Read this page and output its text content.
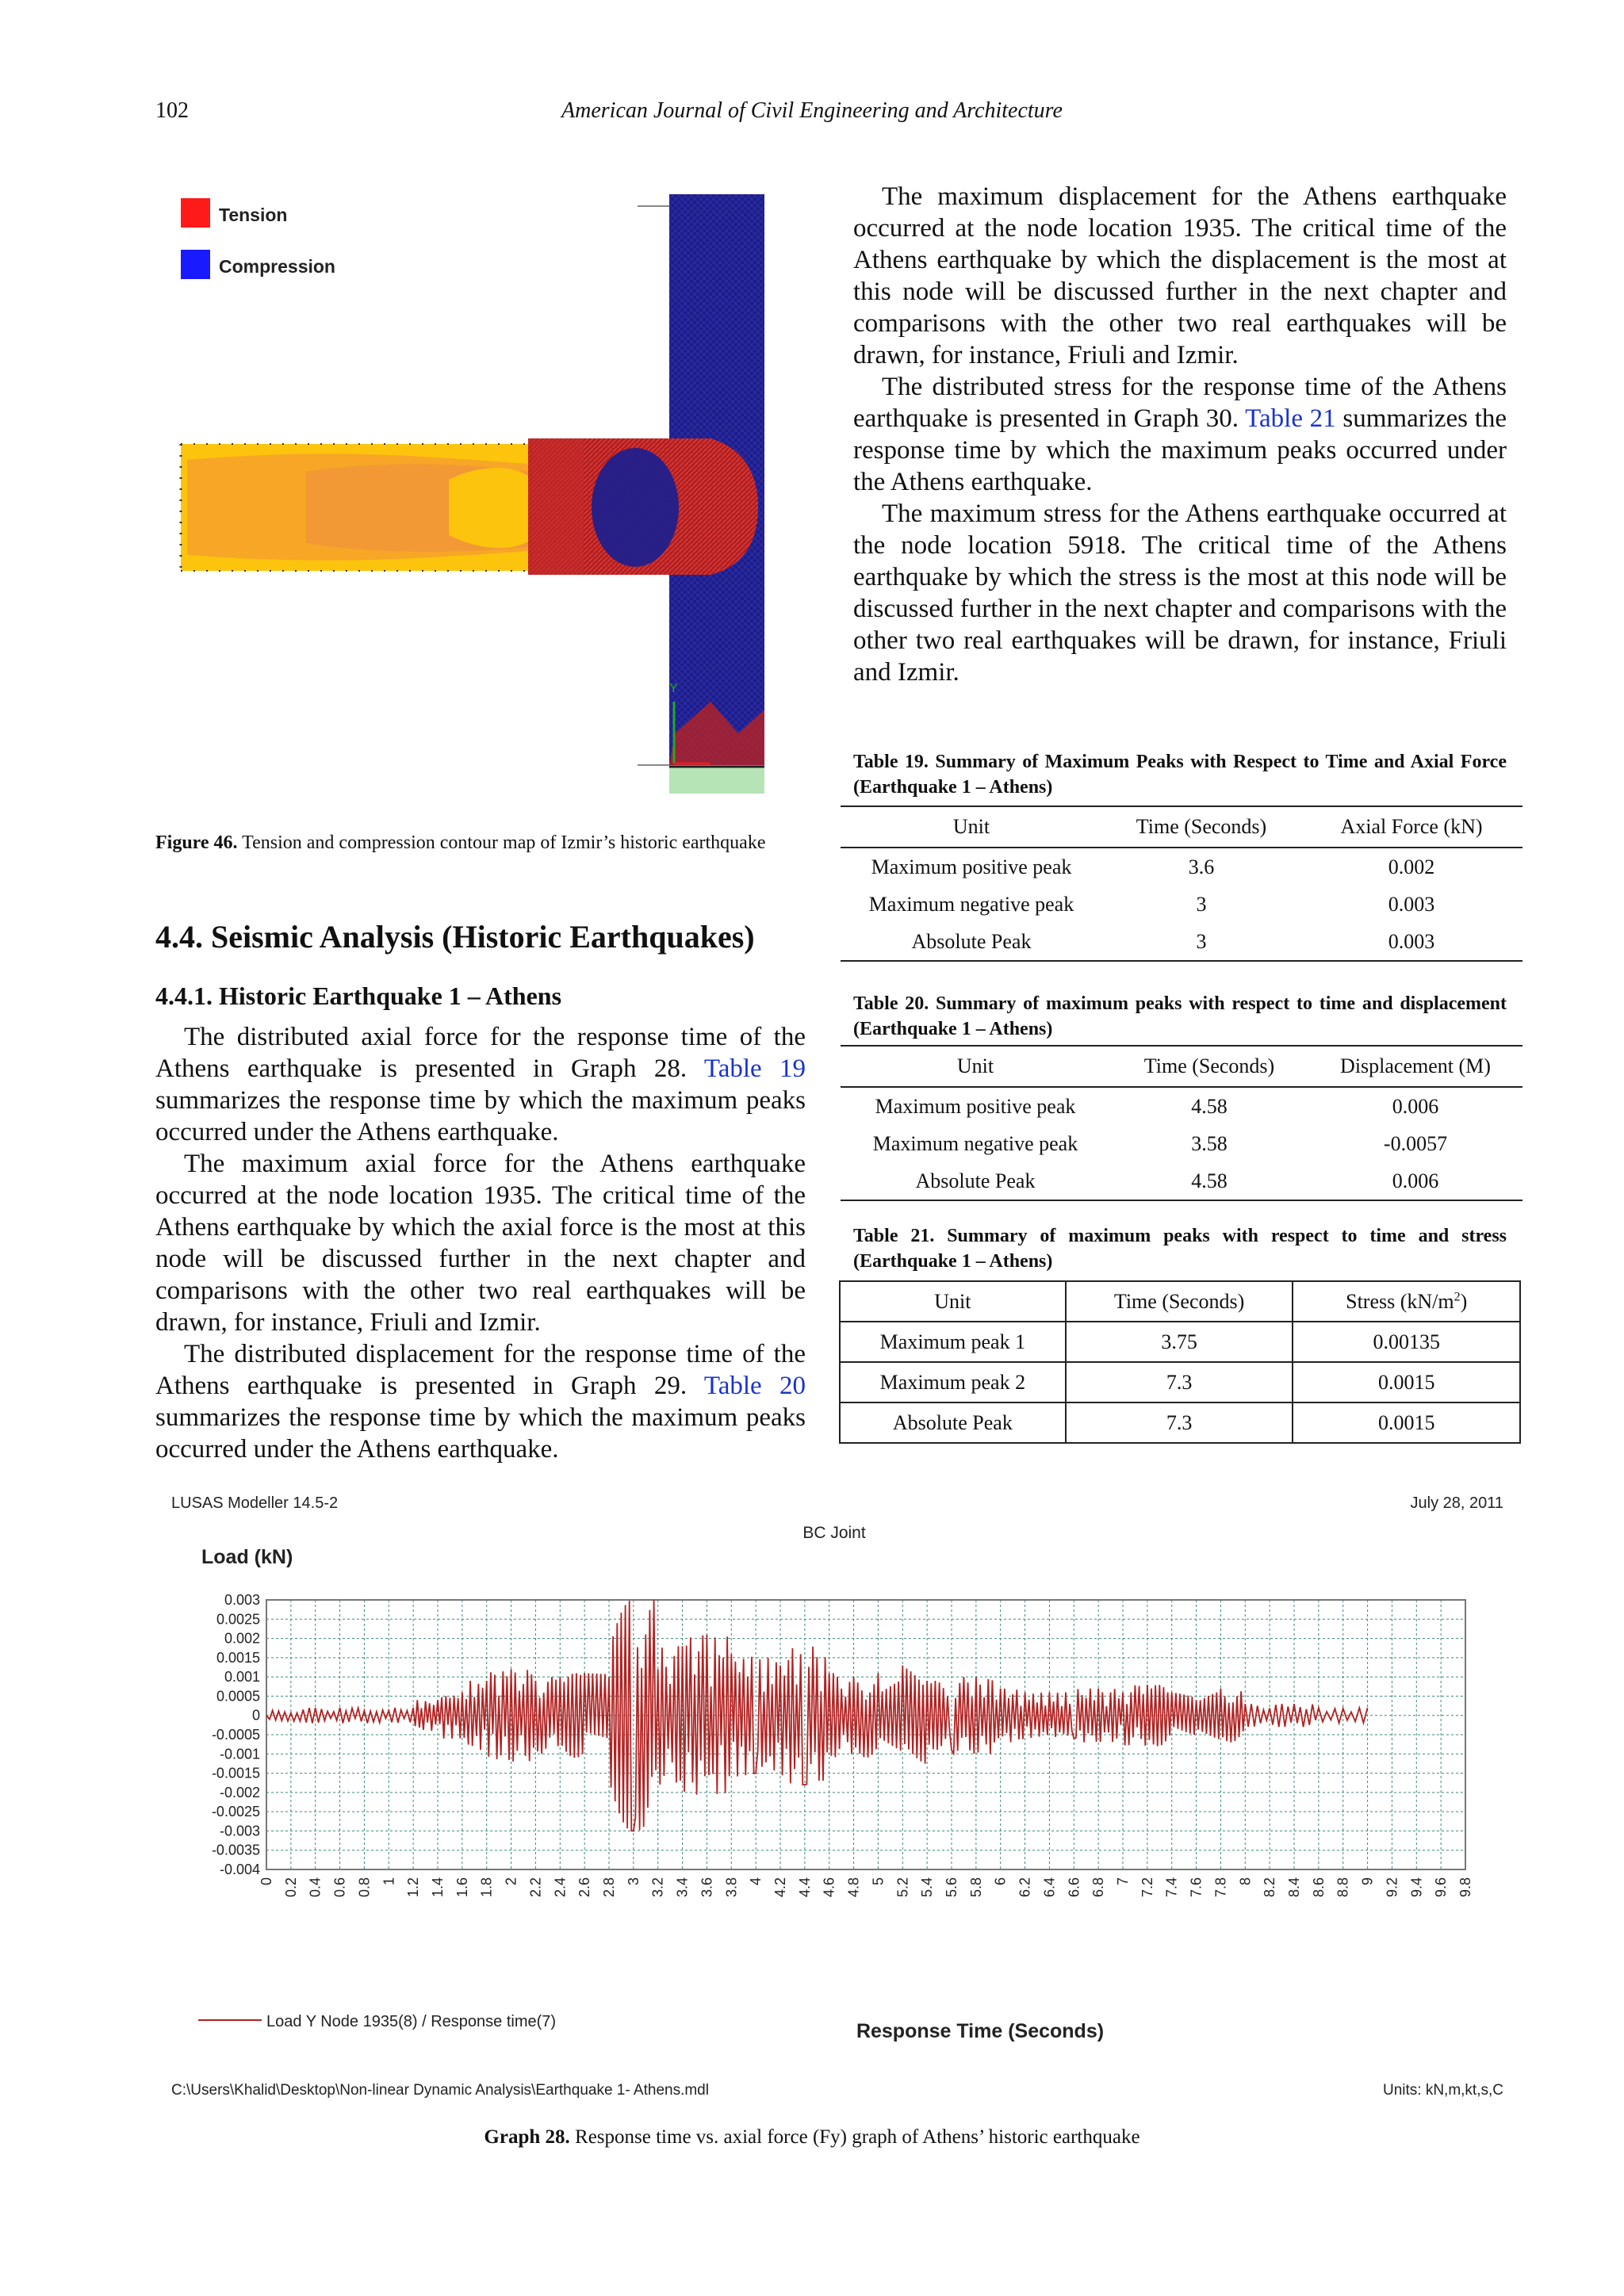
102	American Journal of Civil Engineering and Architecture
Tension
Compression
Y
Figure 46. Tension and compression contour map of Izmir’s historic earthquake
4.4. Seismic Analysis (Historic Earthquakes)
4.4.1. Historic Earthquake 1 – Athens
The distributed axial force for the response time of the Athens earthquake is presented in Graph 28. Table 19 summarizes the response time by which the maximum peaks occurred under the Athens earthquake.
The maximum axial force for the Athens earthquake occurred at the node location 1935. The critical time of the Athens earthquake by which the axial force is the most at this node will be discussed further in the next chapter and comparisons with the other two real earthquakes will be drawn, for instance, Friuli and Izmir.
The distributed displacement for the response time of the Athens earthquake is presented in Graph 29. Table 20 summarizes the response time by which the maximum peaks occurred under the Athens earthquake.
The maximum displacement for the Athens earthquake occurred at the node location 1935. The critical time of the Athens earthquake by which the displacement is the most at this node will be discussed further in the next chapter and comparisons with the other two real earthquakes will be drawn, for instance, Friuli and Izmir.
The distributed stress for the response time of the Athens earthquake is presented in Graph 30. Table 21 summarizes the response time by which the maximum peaks occurred under the Athens earthquake.
The maximum stress for the Athens earthquake occurred at the node location 5918. The critical time of the Athens earthquake by which the stress is the most at this node will be discussed further in the next chapter and comparisons with the other two real earthquakes will be drawn, for instance, Friuli and Izmir.
Table 19. Summary of Maximum Peaks with Respect to Time and Axial Force (Earthquake 1 – Athens)
Unit	Time (Seconds)	Axial Force (kN)
Maximum positive peak	3.6	0.002
Maximum negative peak	3	0.003
Absolute Peak	3	0.003
Table 20. Summary of maximum peaks with respect to time and displacement (Earthquake 1 – Athens)
Unit	Time (Seconds)	Displacement (M)
Maximum positive peak	4.58	0.006
Maximum negative peak	3.58	-0.0057
Absolute Peak	4.58	0.006
Table 21. Summary of maximum peaks with respect to time and stress (Earthquake 1 – Athens)
Unit	Time (Seconds)	Stress $(kN/m^2)$
Maximum peak 1	3.75	0.00135
Maximum peak 2	7.3	0.0015
Absolute Peak	7.3	0.0015
LUSAS Modeller 14.5-2	July 28, 2011
BC Joint
Load (kN)
0.003
0.0025
0.002
0.0015
0.001
0.0005
0
-0.0005
-0.001
-0.0015
-0.002
-0.0025
-0.003
-0.0035
-0.004
0 0.2 0.4 0.6 0.8 1 1.2 1.4 1.6 1.8 2 2.2 2.4 2.6 2.8 3 3.2 3.4 3.6 3.8 4 4.2 4.4 4.6 4.8 5 5.2 5.4 5.6 5.8 6 6.2 6.4 6.6 6.8 7 7.2 7.4 7.6 7.8 8 8.2 8.4 8.6 8.8 9 9.2 9.4 9.6 9.8
Load Y Node 1935(8) / Response time(7)	Response Time (Seconds)
C:\Users\Khalid\Desktop\Non-linear Dynamic Analysis\Earthquake 1- Athens.mdl	Units: kN,m,kt,s,C
Graph 28. Response time vs. axial force (Fy) graph of Athens’ historic earthquake
